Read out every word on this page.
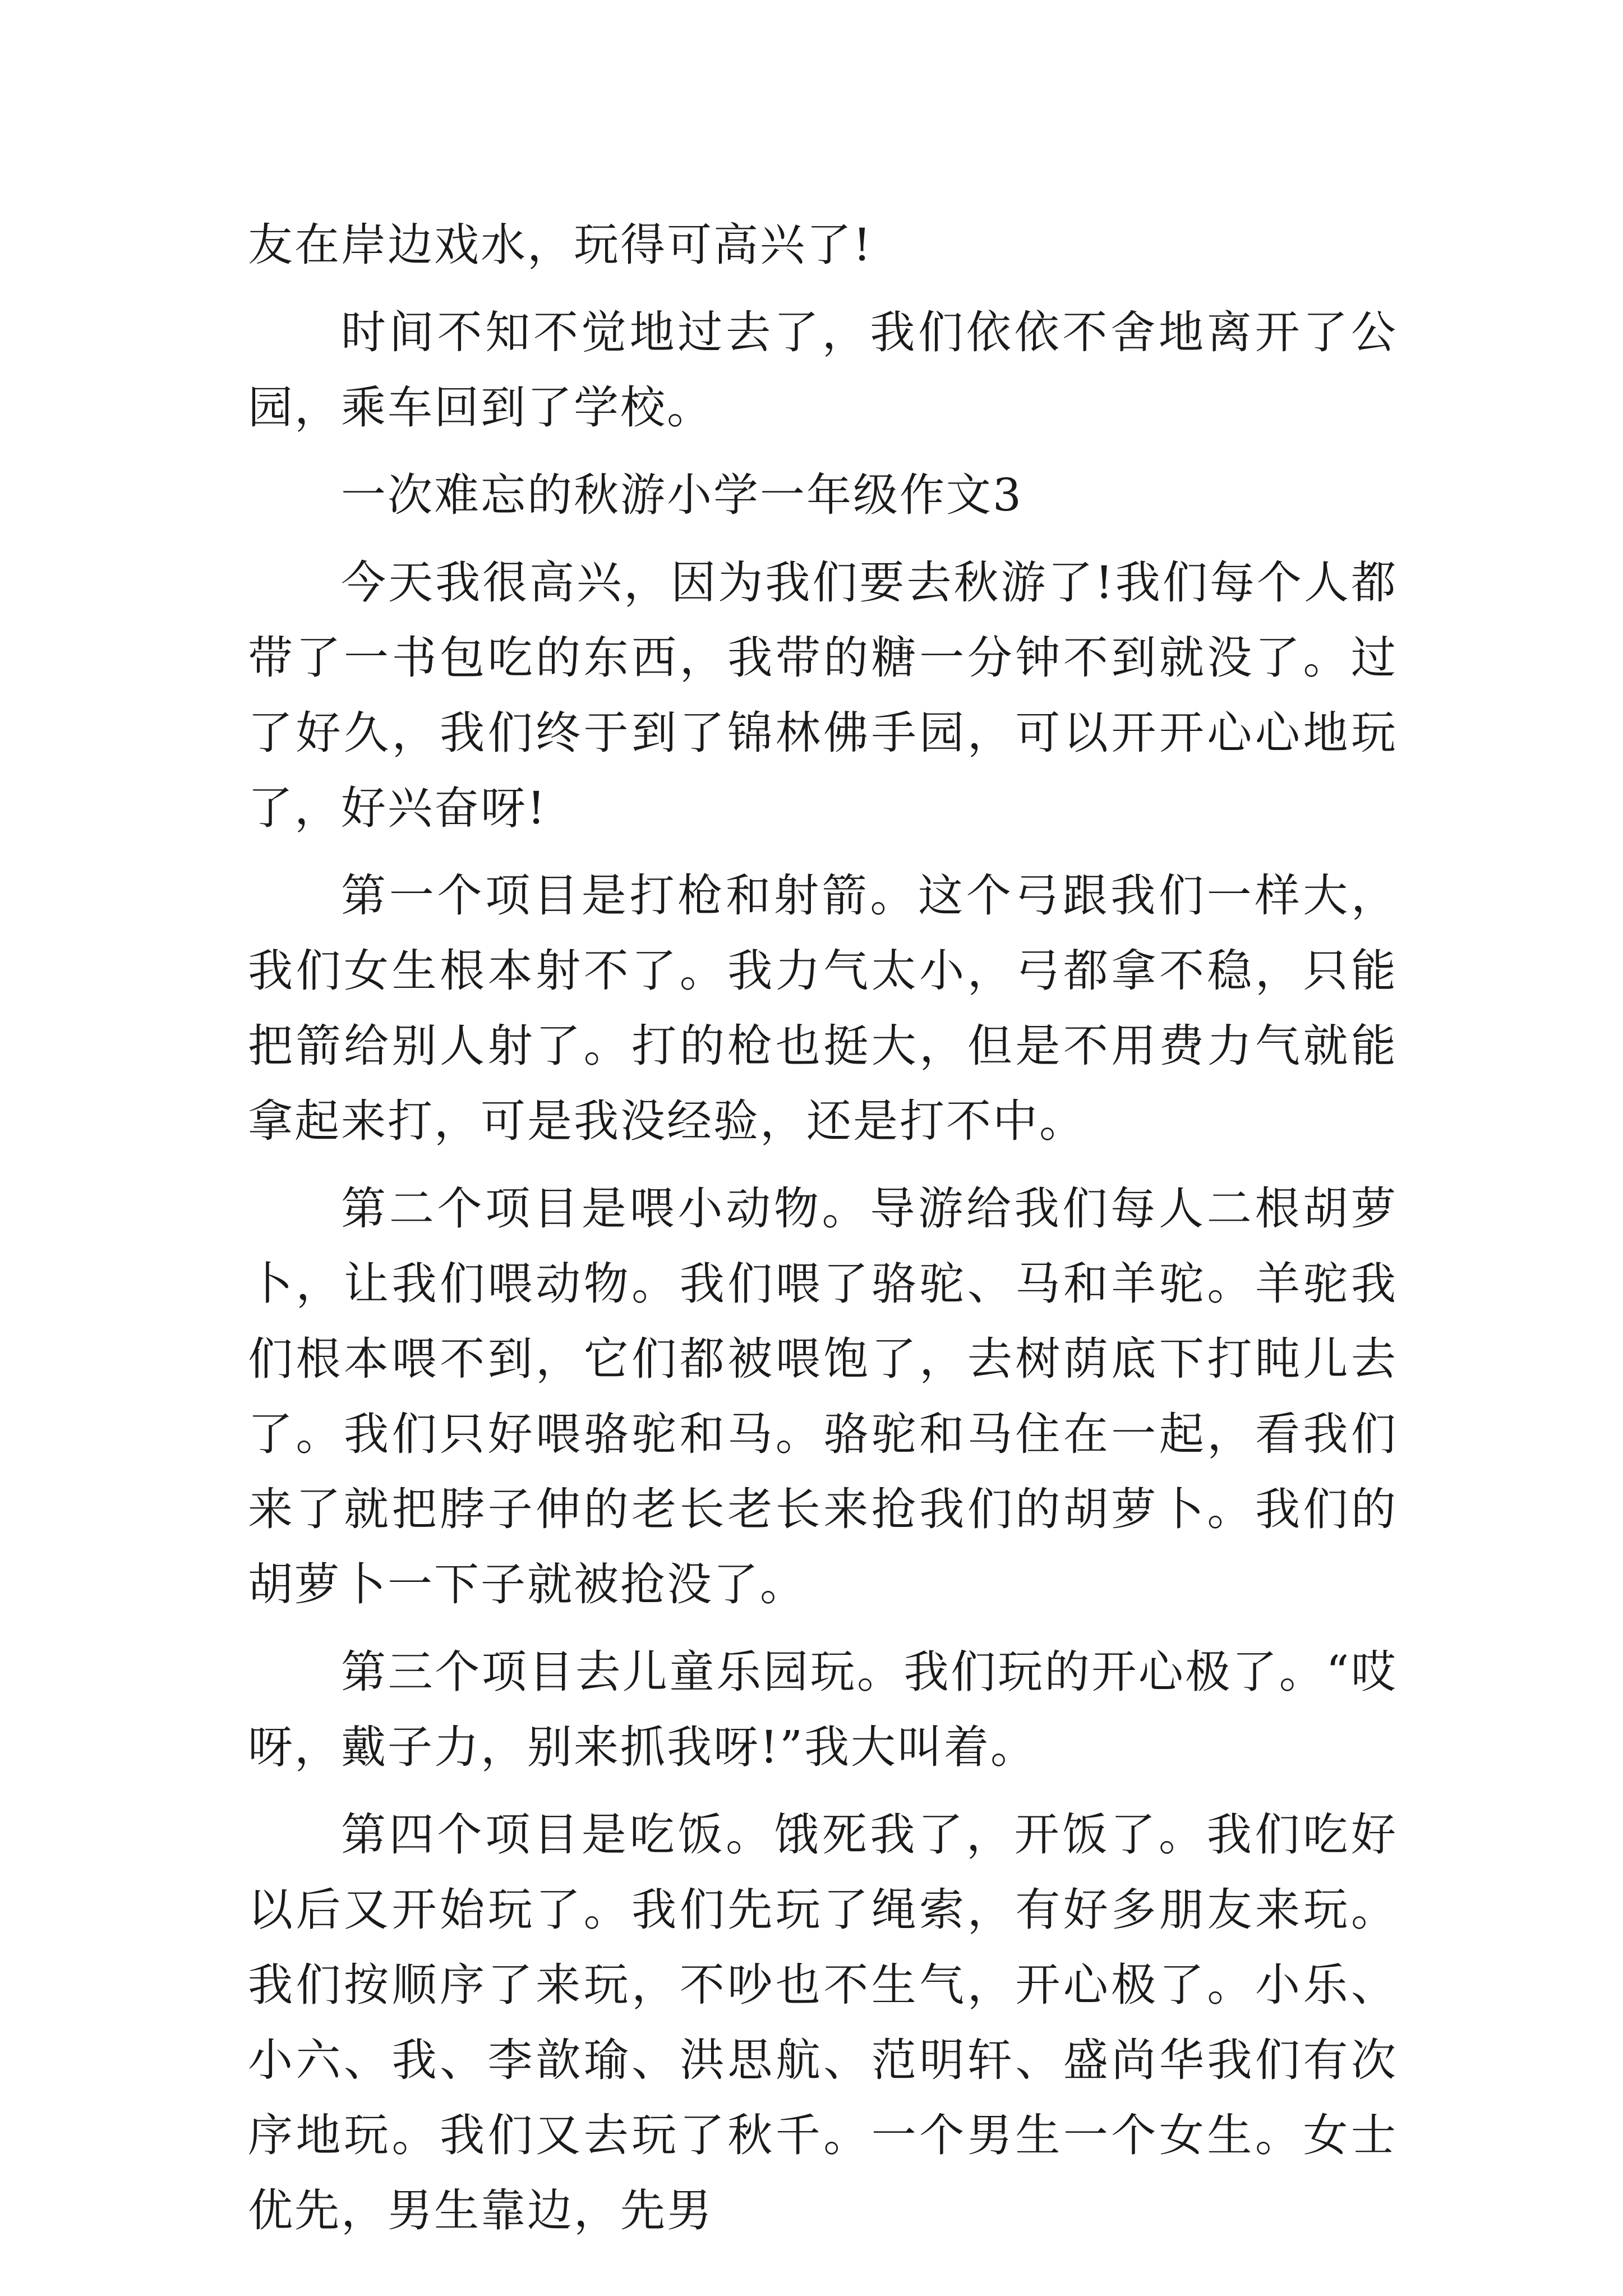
友在岸边戏水，玩得可高兴了!

时间不知不觉地过去了，我们依依不舍地离开了公园，乘车回到了学校。

一次难忘的秋游小学一年级作文3

今天我很高兴，因为我们要去秋游了!我们每个人都带了一书包吃的东西，我带的糖一分钟不到就没了。过了好久，我们终于到了锦林佛手园，可以开开心心地玩了，好兴奋呀!

第一个项目是打枪和射箭。这个弓跟我们一样大，我们女生根本射不了。我力气太小，弓都拿不稳，只能把箭给别人射了。打的枪也挺大，但是不用费力气就能拿起来打，可是我没经验，还是打不中。

第二个项目是喂小动物。导游给我们每人二根胡萝卜，让我们喂动物。我们喂了骆驼、马和羊驼。羊驼我们根本喂不到，它们都被喂饱了，去树荫底下打盹儿去了。我们只好喂骆驼和马。骆驼和马住在一起，看我们来了就把脖子伸的老长老长来抢我们的胡萝卜。我们的胡萝卜一下子就被抢没了。

第三个项目去儿童乐园玩。我们玩的开心极了。“哎呀，戴子力，别来抓我呀!”我大叫着。

第四个项目是吃饭。饿死我了，开饭了。我们吃好以后又开始玩了。我们先玩了绳索，有好多朋友来玩。我们按顺序了来玩，不吵也不生气，开心极了。小乐、小六、我、李歆瑜、洪思航、范明轩、盛尚华我们有次序地玩。我们又去玩了秋千。一个男生一个女生。女士优先，男生靠边，先男
